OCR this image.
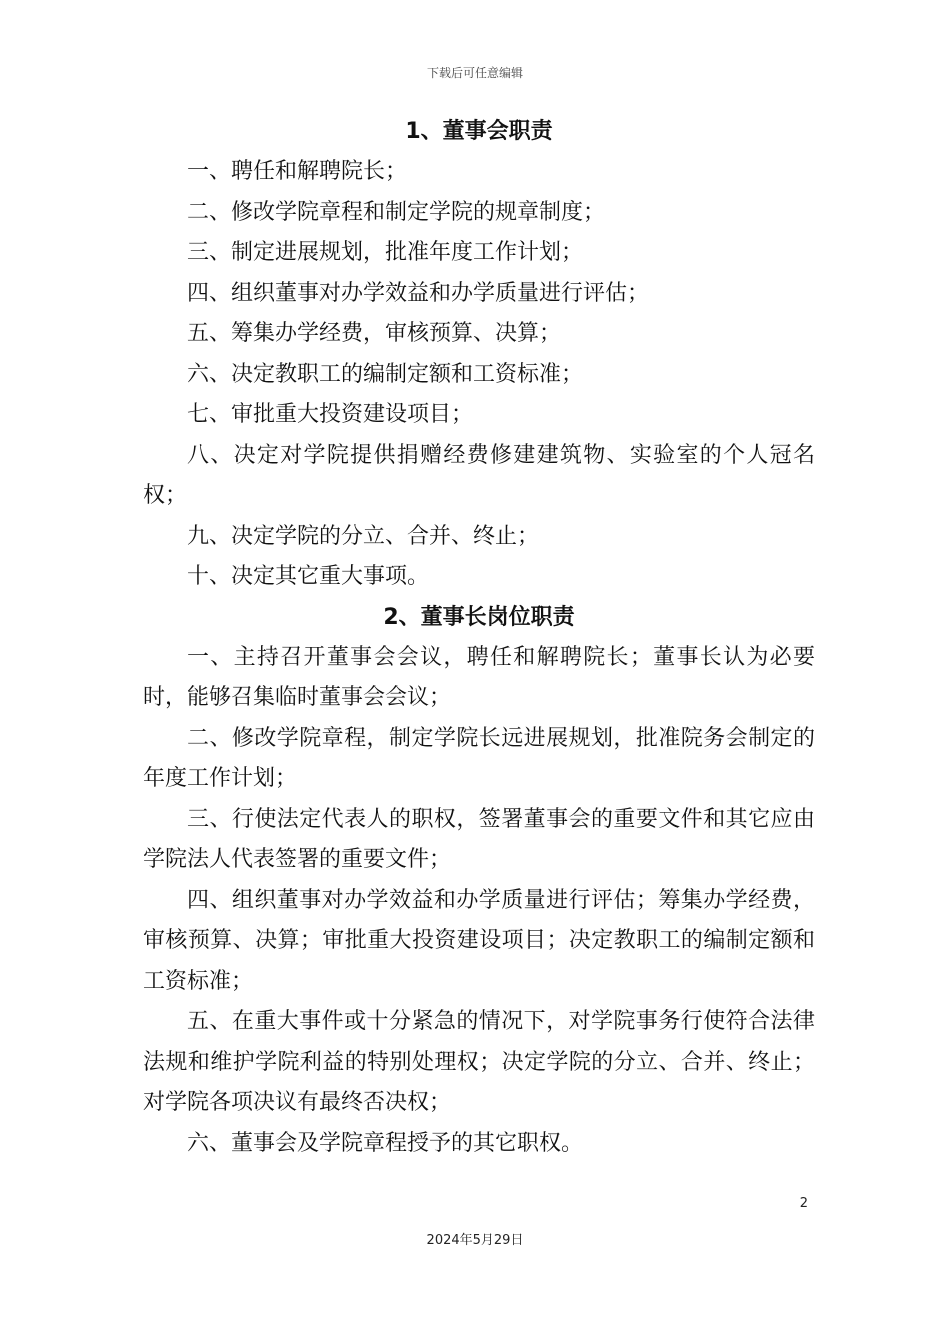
下载后可任意编辑
1、董事会职责

一、聘任和解聘院长；

二、修改学院章程和制定学院的规章制度；

三、制定进展规划，批准年度工作计划；

四、组织董事对办学效益和办学质量进行评估；

五、筹集办学经费，审核预算、决算；

六、决定教职工的编制定额和工资标准；

七、审批重大投资建设项目；

八、决定对学院提供捐赠经费修建建筑物、实验室的个人冠名权；

九、决定学院的分立、合并、终止；

十、决定其它重大事项。

2、董事长岗位职责

一、主持召开董事会会议，聘任和解聘院长；董事长认为必要时，能够召集临时董事会会议；

二、修改学院章程，制定学院长远进展规划，批准院务会制定的年度工作计划；

三、行使法定代表人的职权，签署董事会的重要文件和其它应由学院法人代表签署的重要文件；

四、组织董事对办学效益和办学质量进行评估；筹集办学经费，审核预算、决算；审批重大投资建设项目；决定教职工的编制定额和工资标准；

五、在重大事件或十分紧急的情况下，对学院事务行使符合法律法规和维护学院利益的特别处理权；决定学院的分立、合并、终止；对学院各项决议有最终否决权；

六、董事会及学院章程授予的其它职权。

2
2024年5月29日
